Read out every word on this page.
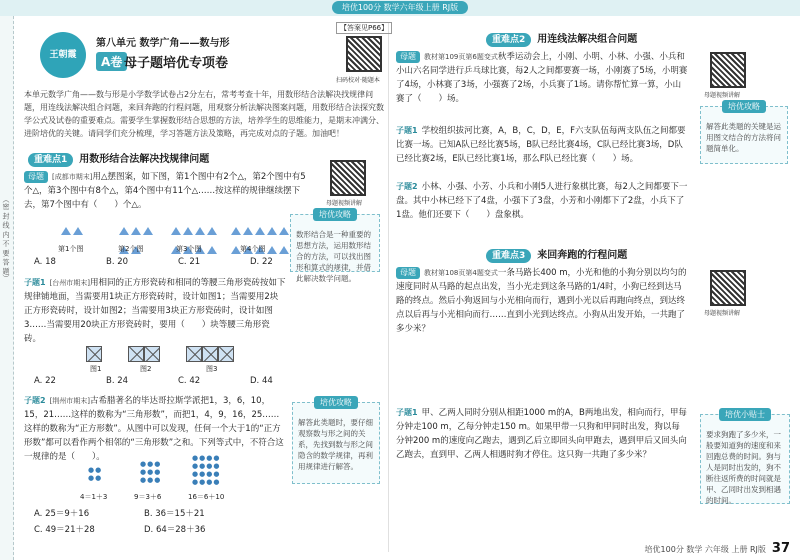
培优100分 数学六年级上册 RJ版
（密 封 线 内 不 要 答 题）
【答案见P66】
王朝霞
第八单元 数学广角——数与形
A卷 母子题培优专项卷
扫码校对·随题本
本单元数学广角——数与形是小学数学试卷占2分左右，常考考查十年，用数形结合法解决找规律问题，用连线法解决组合问题，来回奔跑的行程问题，用观察分析法解决图案问题，用数形结合法探究数学公式及试卷的重要难点。需要学生掌握数形结合思想的方法，培养学生的思维能力，是期末冲满分、进阶培优的关键。请同学们充分梳理，学习答题方法及策略，再完成对点的子题。加油吧！
重难点1 用数形结合法解决找规律问题
母题 [成都市期末]用△摆图案，如下图，第1个图中有2个△，第2个图中有5个△，第3个图中有8个△，第4个图中有11个△……按这样的规律继续摆下去，第7个图中有（　　）个△。

第1个图	第2个图	第3个图	第4个图
A. 18	B. 20	C. 21	D. 22
母题视频讲解
培优攻略
数形结合是一种重要的思想方法，运用数形结合的方法，可以找出图形和算式的规律，并借此解决数学问题。
子题1 [台州市期末]用相同的正方形瓷砖和相同的等腰三角形瓷砖按如下规律铺地面，当需要用1块正方形瓷砖时，设计如图1；当需要用2块正方形瓷砖时，设计如图2；当需要用3块正方形瓷砖时，设计如图3……当需要用20块正方形瓷砖时，要用（　　）块等腰三角形瓷砖。
图1	图2	图3
A. 22	B. 24	C. 42	D. 44
子题2 [荆州市期末]古希腊著名的毕达哥拉斯学派把1，3，6，10，15，21……这样的数称为“三角形数”，而把1，4，9，16，25……这样的数称为“正方形数”。从图中可以发现，任何一个大于1的“正方形数”都可以看作两个相邻的“三角形数”之和。下列等式中，不符合这一规律的是（　　）。
●●
●●
●●●
●●●
●●●
●●●●
●●●●
●●●●
●●●●
4＝1＋3	9＝3＋6	16＝6＋10
A. 25＝9＋16	B. 36＝15＋21C. 49＝21＋28	D. 64＝28＋36
培优攻略
解答此类题时，要仔细观察数与形之间的关系，先找到数与形之间隐含的数学规律，再利用规律进行解答。
重难点2 用连线法解决组合问题
母题 教材第109页第6题变式秋季运动会上，小刚、小明、小林、小强、小兵和小山六名同学进行乒乓球比赛，每2人之间都要赛一场，小刚赛了5场，小明赛了4场，小林赛了3场，小强赛了2场，小兵赛了1场。请你帮忙算一算，小山赛了（　　）场。	母题视频讲解
培优攻略
解答此类题的关键是运用图文结合的方法将问题简单化。
子题1 学校组织拔河比赛，A，B，C，D，E，F六支队伍每两支队伍之间都要比赛一场。已知A队已经比赛5场，B队已经比赛4场，C队已经比赛3场，D队已经比赛2场，E队已经比赛1场，那么F队已经比赛（　　）场。
子题2 小林、小强、小芳、小兵和小刚5人进行象棋比赛，每2人之间都要下一盘。其中小林已经下了4盘，小强下了3盘，小芳和小刚都下了2盘，小兵下了1盘。他们还要下（　　）盘象棋。
重难点3 来回奔跑的行程问题
母题 教材第108页第4题变式一条马路长400 m，小光和他的小狗分别以均匀的速度同时从马路的起点出发，当小光走到这条马路的1/4时，小狗已经到达马路的终点。然后小狗返回与小光相向而行，遇到小光以后再跑向终点，到达终点以后再与小光相向而行……直到小光到达终点。小狗从出发开始，一共跑了多少米？
母题视频讲解
子题1 甲、乙两人同时分别从相距1000 m的A，B两地出发，相向而行，甲每分钟走100 m，乙每分钟走150 m。如果甲带一只狗和甲同时出发，狗以每分钟200 m的速度向乙跑去，遇到乙后立即回头向甲跑去，遇到甲后又回头向乙跑去，直到甲、乙两人相遇时狗才停住。这只狗一共跑了多少米？
培优小贴士
要求狗跑了多少米，一般要知道狗的速度和来回跑总费的时间。狗与人是同时出发的，狗不断往返所费的时间就是甲、乙同时出发到相遇的时间。
培优100分 数学 六年级 上册 RJ版 37
